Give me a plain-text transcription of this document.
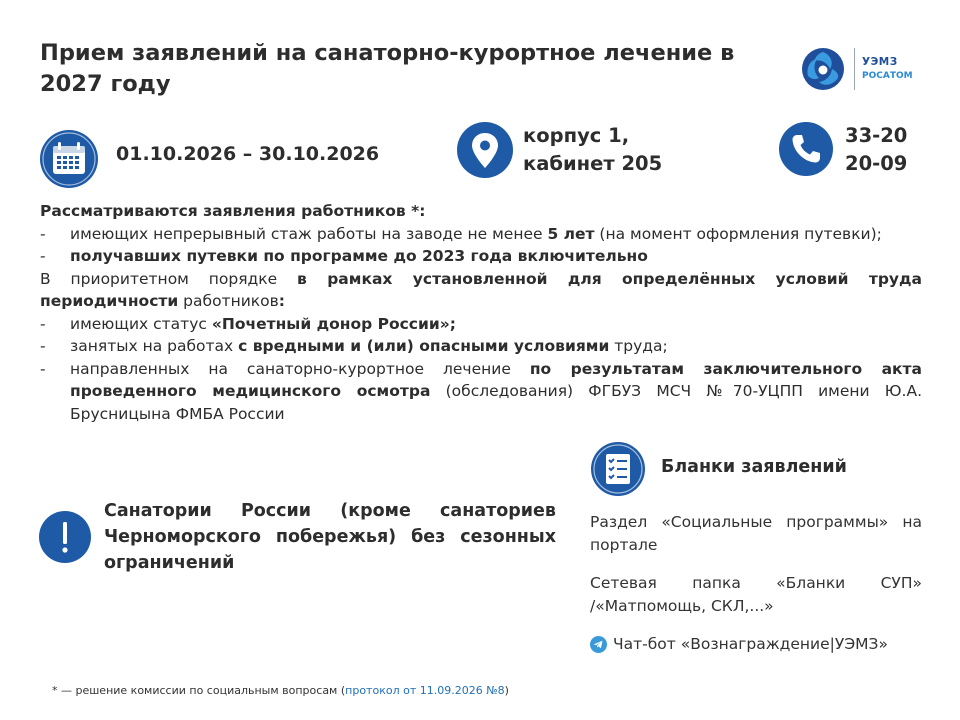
Прием заявлений на санаторно-курортное лечение в 2027 году
УЭМЗ
РОСАТОМ
01.10.2026 – 30.10.2026
корпус 1,
кабинет 205
33-20
20-09

Рассматриваются заявления работников *:

- имеющих непрерывный стаж работы на заводе не менее 5 лет (на момент оформления путевки);
- получавших путевки по программе до 2023 года включительно

В приоритетном порядке в рамках установленной для определённых условий труда периодичности работников:

- имеющих статус «Почетный донор России»;
- занятых на работах с вредными и (или) опасными условиями труда;
- направленных на санаторно-курортное лечение по результатам заключительного акта проведенного медицинского осмотра (обследования) ФГБУЗ МСЧ №70-УЦПП имени Ю.А. Брусницына ФМБА России
Санатории России (кроме санаториев Черноморского побережья) без сезонных ограничений
Бланки заявлений
Раздел «Социальные программы» на портале
Сетевая папка «Бланки СУП» /«Матпомощь, СКЛ,...»
Чат-бот «Вознаграждение|УЭМЗ»
* — решение комиссии по социальным вопросам (протокол от 11.09.2026 №8)
